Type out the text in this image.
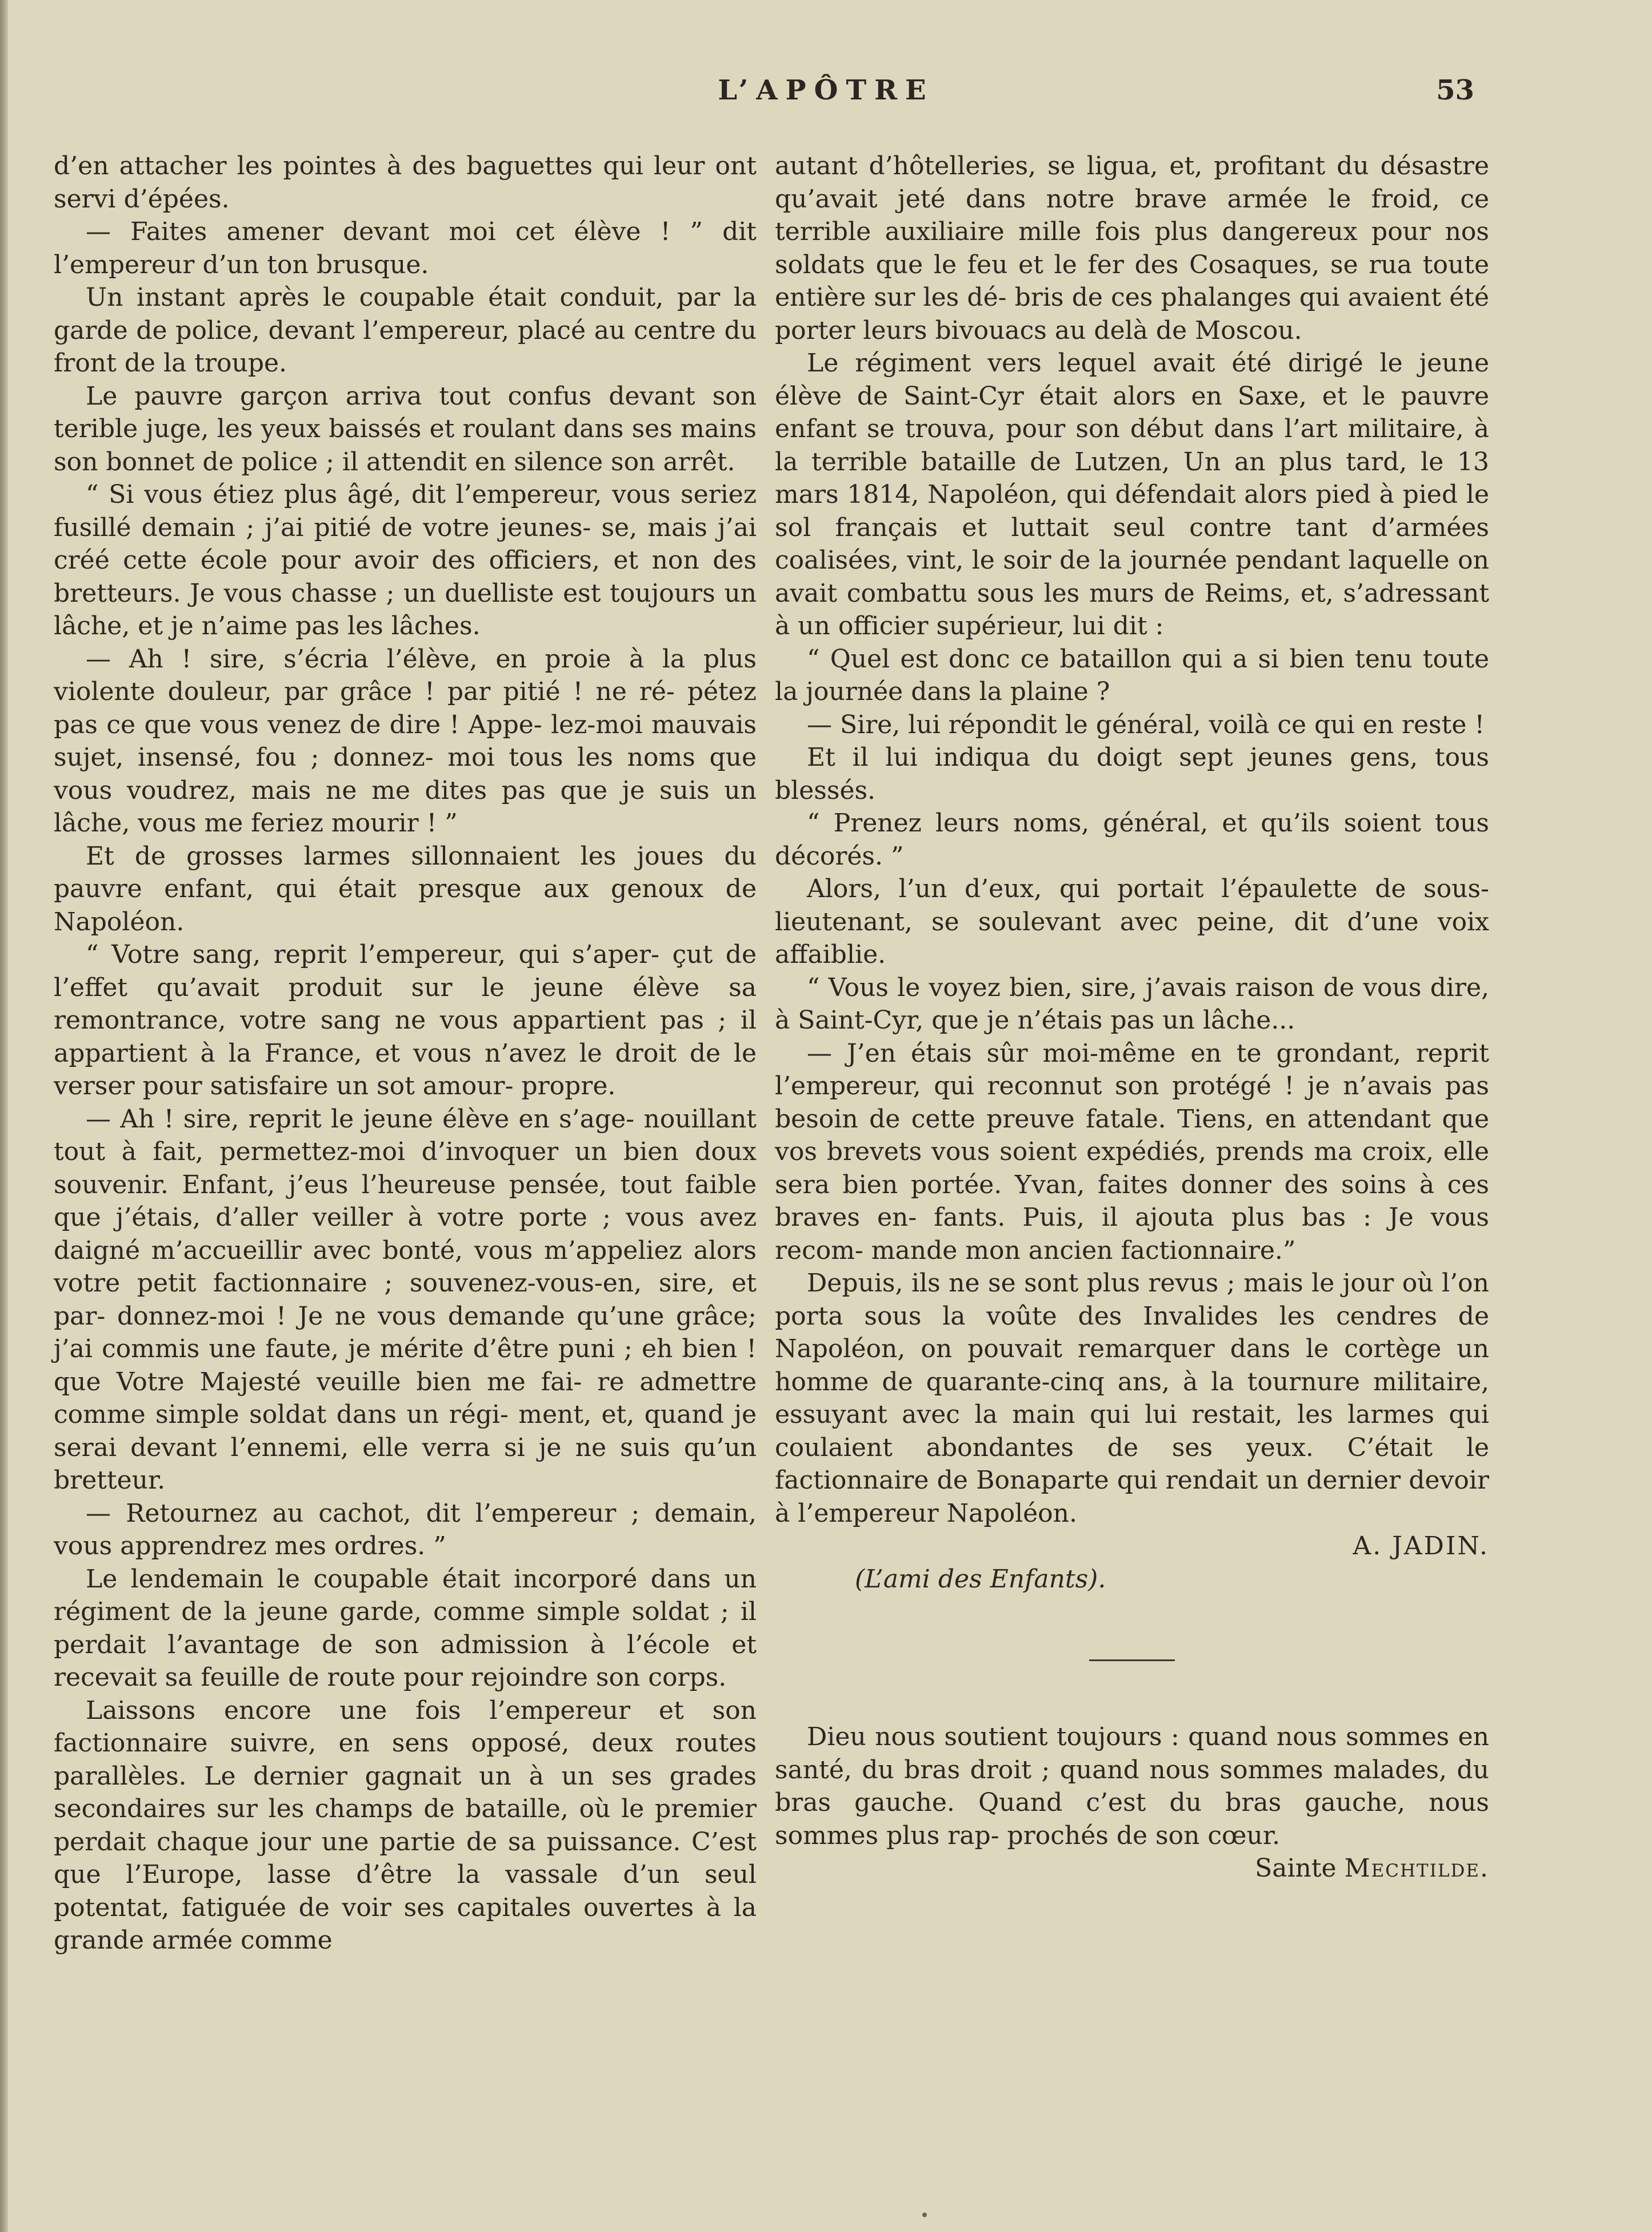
L’APÔTRE	53

d’en attacher les pointes à des baguettes qui leur ont servi d’épées.

— Faites amener devant moi cet élève ! ” dit l’empereur d’un ton brusque.

Un instant après le coupable était conduit, par la garde de police, devant l’empereur, placé au centre du front de la troupe.

Le pauvre garçon arriva tout confus devant son terible juge, les yeux baissés et roulant dans ses mains son bonnet de police ; il attendit en silence son arrêt.

“ Si vous étiez plus âgé, dit l’empereur, vous seriez fusillé demain ; j’ai pitié de votre jeunes- se, mais j’ai créé cette école pour avoir des officiers, et non des bretteurs. Je vous chasse ; un duelliste est toujours un lâche, et je n’aime pas les lâches.

— Ah ! sire, s’écria l’élève, en proie à la plus violente douleur, par grâce ! par pitié ! ne ré- pétez pas ce que vous venez de dire ! Appe- lez-moi mauvais sujet, insensé, fou ; donnez- moi tous les noms que vous voudrez, mais ne me dites pas que je suis un lâche, vous me feriez mourir ! ”

Et de grosses larmes sillonnaient les joues du pauvre enfant, qui était presque aux genoux de Napoléon.

“ Votre sang, reprit l’empereur, qui s’aper- çut de l’effet qu’avait produit sur le jeune élève sa remontrance, votre sang ne vous appartient pas ; il appartient à la France, et vous n’avez le droit de le verser pour satisfaire un sot amour- propre.

— Ah ! sire, reprit le jeune élève en s’age- nouillant tout à fait, permettez-moi d’invoquer un bien doux souvenir. Enfant, j’eus l’heureuse pensée, tout faible que j’étais, d’aller veiller à votre porte ; vous avez daigné m’accueillir avec bonté, vous m’appeliez alors votre petit factionnaire ; souvenez-vous-en, sire, et par- donnez-moi ! Je ne vous demande qu’une grâce; j’ai commis une faute, je mérite d’être puni ; eh bien ! que Votre Majesté veuille bien me fai- re admettre comme simple soldat dans un régi- ment, et, quand je serai devant l’ennemi, elle verra si je ne suis qu’un bretteur.

— Retournez au cachot, dit l’empereur ; demain, vous apprendrez mes ordres. ”

Le lendemain le coupable était incorporé dans un régiment de la jeune garde, comme simple soldat ; il perdait l’avantage de son admission à l’école et recevait sa feuille de route pour rejoindre son corps.

Laissons encore une fois l’empereur et son factionnaire suivre, en sens opposé, deux routes parallèles. Le dernier gagnait un à un ses grades secondaires sur les champs de bataille, où le premier perdait chaque jour une partie de sa puissance. C’est que l’Europe, lasse d’être la vassale d’un seul potentat, fatiguée de voir ses capitales ouvertes à la grande armée comme

autant d’hôtelleries, se ligua, et, profitant du désastre qu’avait jeté dans notre brave armée le froid, ce terrible auxiliaire mille fois plus dangereux pour nos soldats que le feu et le fer des Cosaques, se rua toute entière sur les dé- bris de ces phalanges qui avaient été porter leurs bivouacs au delà de Moscou.

Le régiment vers lequel avait été dirigé le jeune élève de Saint-Cyr était alors en Saxe, et le pauvre enfant se trouva, pour son début dans l’art militaire, à la terrible bataille de Lutzen, Un an plus tard, le 13 mars 1814, Napoléon, qui défendait alors pied à pied le sol français et luttait seul contre tant d’armées coalisées, vint, le soir de la journée pendant laquelle on avait combattu sous les murs de Reims, et, s’adressant à un officier supérieur, lui dit :

“ Quel est donc ce bataillon qui a si bien tenu toute la journée dans la plaine ?

— Sire, lui répondit le général, voilà ce qui en reste !

Et il lui indiqua du doigt sept jeunes gens, tous blessés.

“ Prenez leurs noms, général, et qu’ils soient tous décorés. ”

Alors, l’un d’eux, qui portait l’épaulette de sous-lieutenant, se soulevant avec peine, dit d’une voix affaiblie.

“ Vous le voyez bien, sire, j’avais raison de vous dire, à Saint-Cyr, que je n’étais pas un lâche...

— J’en étais sûr moi-même en te grondant, reprit l’empereur, qui reconnut son protégé ! je n’avais pas besoin de cette preuve fatale. Tiens, en attendant que vos brevets vous soient expédiés, prends ma croix, elle sera bien portée. Yvan, faites donner des soins à ces braves en- fants. Puis, il ajouta plus bas : Je vous recom- mande mon ancien factionnaire.”

Depuis, ils ne se sont plus revus ; mais le jour où l’on porta sous la voûte des Invalides les cendres de Napoléon, on pouvait remarquer dans le cortège un homme de quarante-cinq ans, à la tournure militaire, essuyant avec la main qui lui restait, les larmes qui coulaient abondantes de ses yeux. C’était le factionnaire de Bonaparte qui rendait un dernier devoir à l’empereur Napoléon.

A. JADIN.

(L’ami des Enfants).

Dieu nous soutient toujours : quand nous sommes en santé, du bras droit ; quand nous sommes malades, du bras gauche. Quand c’est du bras gauche, nous sommes plus rap- prochés de son cœur.

Sainte Mechtilde.
